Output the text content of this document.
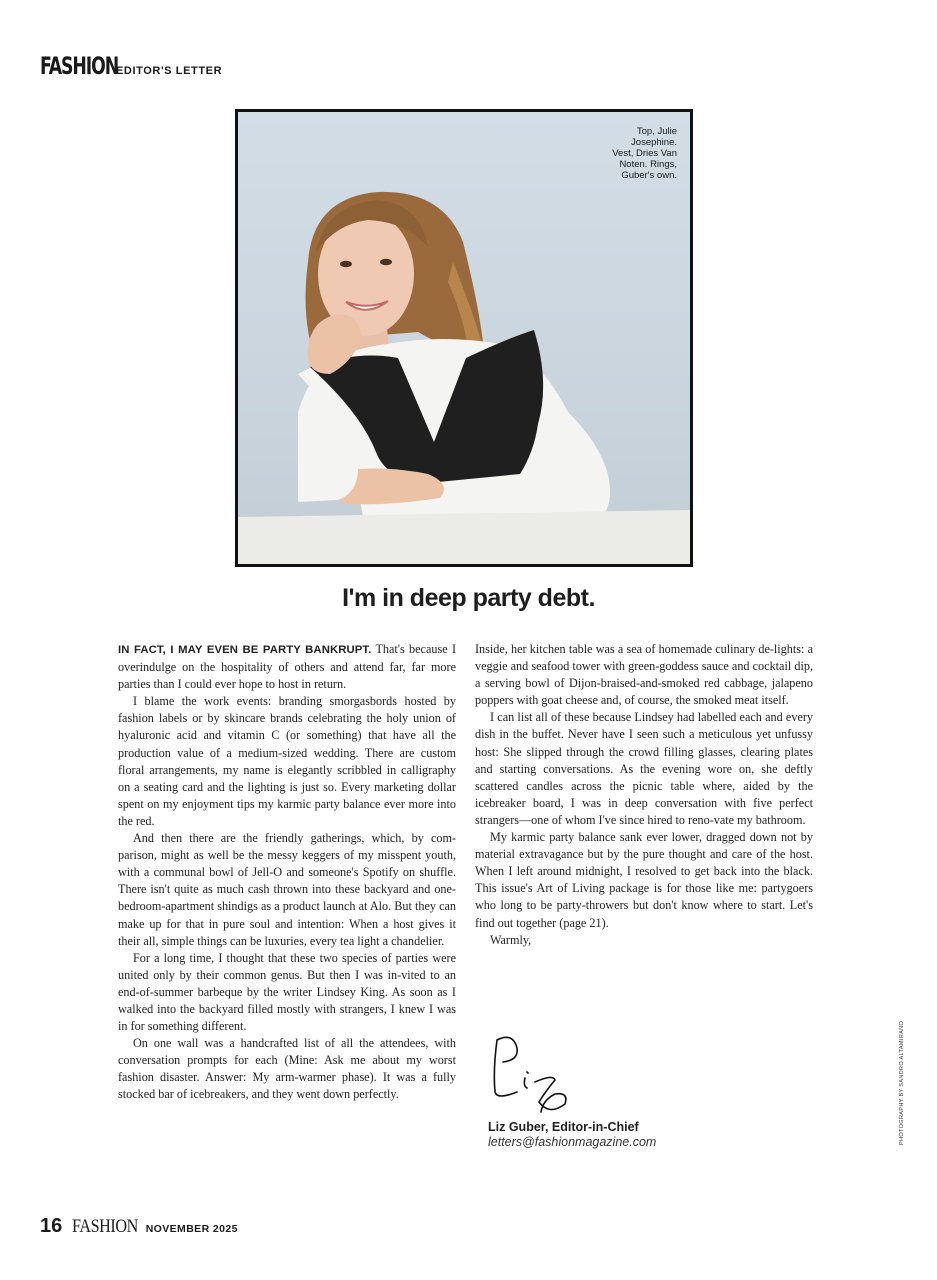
FASHION
EDITOR'S LETTER
Top, Julie
Josephine.
Vest, Dries Van
Noten. Rings,
Guber's own.
I'm in deep party debt.

IN FACT, I MAY EVEN BE PARTY BANKRUPT. That's because I overindulge on the hospitality of others and attend far, far more parties than I could ever hope to host in return.

I blame the work events: branding smorgasbords hosted by fashion labels or by skincare brands celebrating the holy union of hyaluronic acid and vitamin C (or something) that have all the production value of a medium-sized wedding. There are custom floral arrangements, my name is elegantly scribbled in calligraphy on a seating card and the lighting is just so. Every marketing dollar spent on my enjoyment tips my karmic party balance ever more into the red.

And then there are the friendly gatherings, which, by com-parison, might as well be the messy keggers of my misspent youth, with a communal bowl of Jell-O and someone's Spotify on shuffle. There isn't quite as much cash thrown into these backyard and one-bedroom-apartment shindigs as a product launch at Alo. But they can make up for that in pure soul and intention: When a host gives it their all, simple things can be luxuries, every tea light a chandelier.

For a long time, I thought that these two species of parties were united only by their common genus. But then I was in-vited to an end-of-summer barbeque by the writer Lindsey King. As soon as I walked into the backyard filled mostly with strangers, I knew I was in for something different.

On one wall was a handcrafted list of all the attendees, with conversation prompts for each (Mine: Ask me about my worst fashion disaster. Answer: My arm-warmer phase). It was a fully stocked bar of icebreakers, and they went down perfectly.

Inside, her kitchen table was a sea of homemade culinary de-lights: a veggie and seafood tower with green-goddess sauce and cocktail dip, a serving bowl of Dijon-braised-and-smoked red cabbage, jalapeno poppers with goat cheese and, of course, the smoked meat itself.

I can list all of these because Lindsey had labelled each and every dish in the buffet. Never have I seen such a meticulous yet unfussy host: She slipped through the crowd filling glasses, clearing plates and starting conversations. As the evening wore on, she deftly scattered candles across the picnic table where, aided by the icebreaker board, I was in deep conversation with five perfect strangers—one of whom I've since hired to reno-vate my bathroom.

My karmic party balance sank ever lower, dragged down not by material extravagance but by the pure thought and care of the host. When I left around midnight, I resolved to get back into the black. This issue's Art of Living package is for those like me: partygoers who long to be party-throwers but don't know where to start. Let's find out together (page 21).

Warmly,

Liz Guber, Editor-in-Chief
letters@fashionmagazine.com	PHOTOGRAPHY BY SANDRO ALTAMIRANO
16 FASHION NOVEMBER 2025
